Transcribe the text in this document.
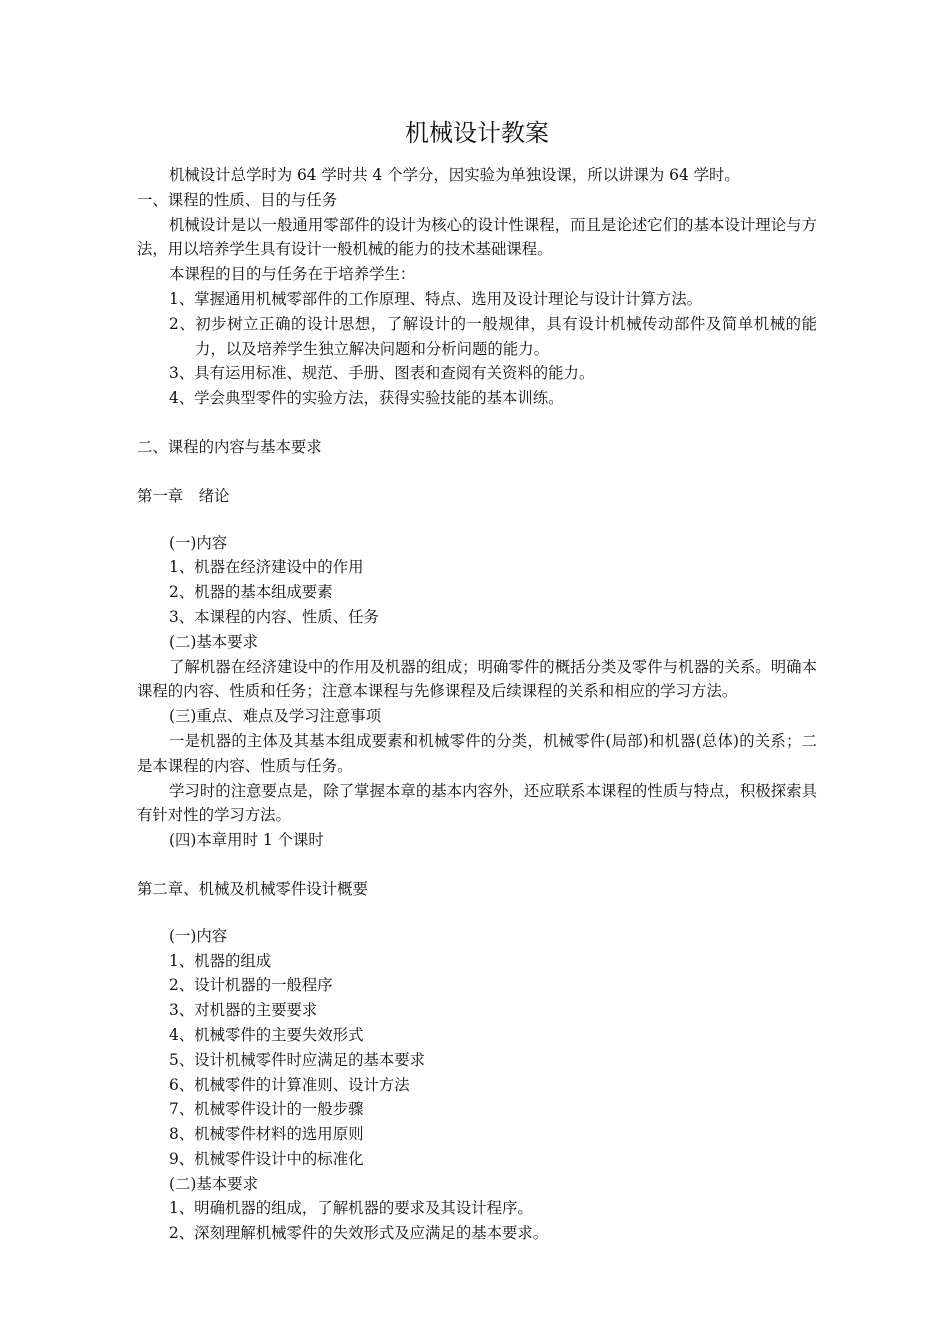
机械设计教案

机械设计总学时为 64 学时共 4 个学分，因实验为单独设课，所以讲课为 64 学时。

一、课程的性质、目的与任务

机械设计是以一般通用零部件的设计为核心的设计性课程，而且是论述它们的基本设计理论与方法，用以培养学生具有设计一般机械的能力的技术基础课程。

本课程的目的与任务在于培养学生：

1、掌握通用机械零部件的工作原理、特点、选用及设计理论与设计计算方法。

2、初步树立正确的设计思想，了解设计的一般规律，具有设计机械传动部件及简单机械的能力，以及培养学生独立解决问题和分析问题的能力。

3、具有运用标准、规范、手册、图表和查阅有关资料的能力。

4、学会典型零件的实验方法，获得实验技能的基本训练。

二、课程的内容与基本要求

第一章　绪论

(一)内容

1、机器在经济建设中的作用

2、机器的基本组成要素

3、本课程的内容、性质、任务

(二)基本要求

了解机器在经济建设中的作用及机器的组成；明确零件的概括分类及零件与机器的关系。明确本课程的内容、性质和任务；注意本课程与先修课程及后续课程的关系和相应的学习方法。

(三)重点、难点及学习注意事项

一是机器的主体及其基本组成要素和机械零件的分类，机械零件(局部)和机器(总体)的关系；二是本课程的内容、性质与任务。

学习时的注意要点是，除了掌握本章的基本内容外，还应联系本课程的性质与特点，积极探索具有针对性的学习方法。

(四)本章用时 1 个课时

第二章、机械及机械零件设计概要

(一)内容

1、机器的组成

2、设计机器的一般程序

3、对机器的主要要求

4、机械零件的主要失效形式

5、设计机械零件时应满足的基本要求

6、机械零件的计算准则、设计方法

7、机械零件设计的一般步骤

8、机械零件材料的选用原则

9、机械零件设计中的标准化

(二)基本要求

1、明确机器的组成，了解机器的要求及其设计程序。

2、深刻理解机械零件的失效形式及应满足的基本要求。
